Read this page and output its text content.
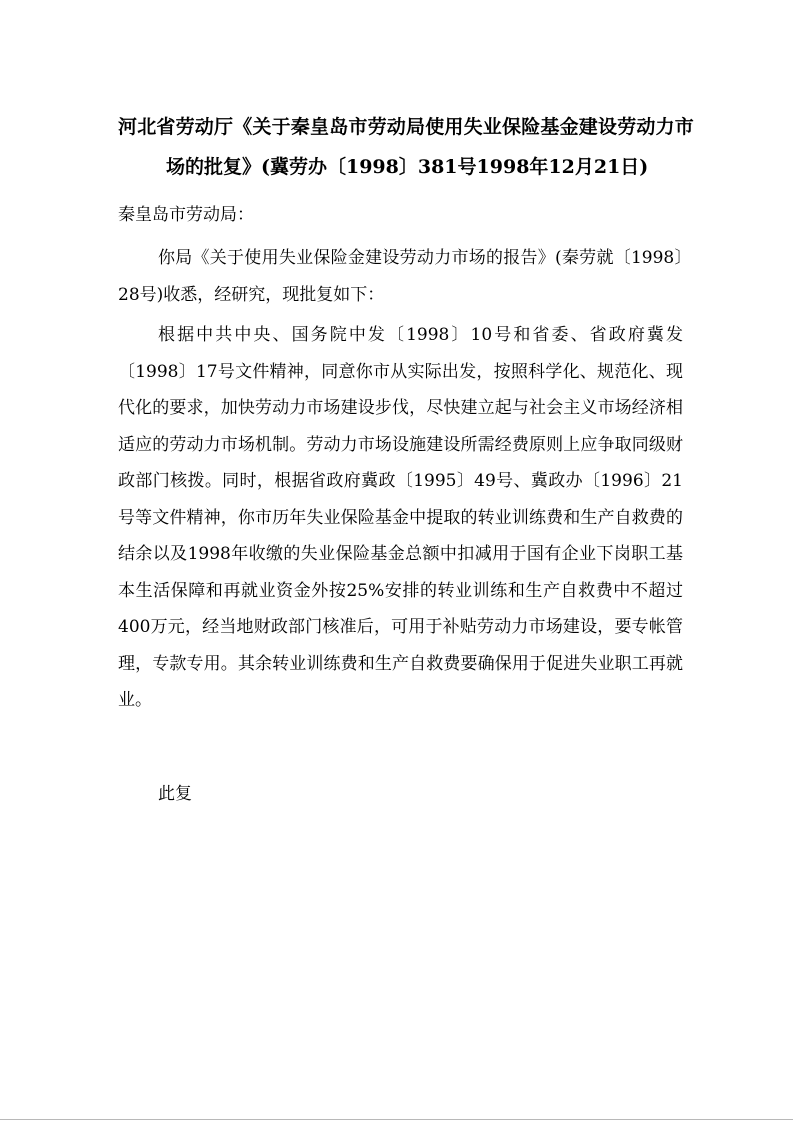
河北省劳动厅《关于秦皇岛市劳动局使用失业保险基金建设劳动力市
场的批复》(冀劳办〔1998〕381号1998年12月21日)
秦皇岛市劳动局：
你局《关于使用失业保险金建设劳动力市场的报告》(秦劳就〔1998〕28号)收悉，经研究，现批复如下：
根据中共中央、国务院中发〔1998〕10号和省委、省政府冀发〔1998〕17号文件精神，同意你市从实际出发，按照科学化、规范化、现代化的要求，加快劳动力市场建设步伐，尽快建立起与社会主义市场经济相适应的劳动力市场机制。劳动力市场设施建设所需经费原则上应争取同级财政部门核拨。同时，根据省政府冀政〔1995〕49号、冀政办〔1996〕21号等文件精神，你市历年失业保险基金中提取的转业训练费和生产自救费的结余以及1998年收缴的失业保险基金总额中扣减用于国有企业下岗职工基本生活保障和再就业资金外按25%安排的转业训练和生产自救费中不超过400万元，经当地财政部门核准后，可用于补贴劳动力市场建设，要专帐管理，专款专用。其余转业训练费和生产自救费要确保用于促进失业职工再就业。
此复
